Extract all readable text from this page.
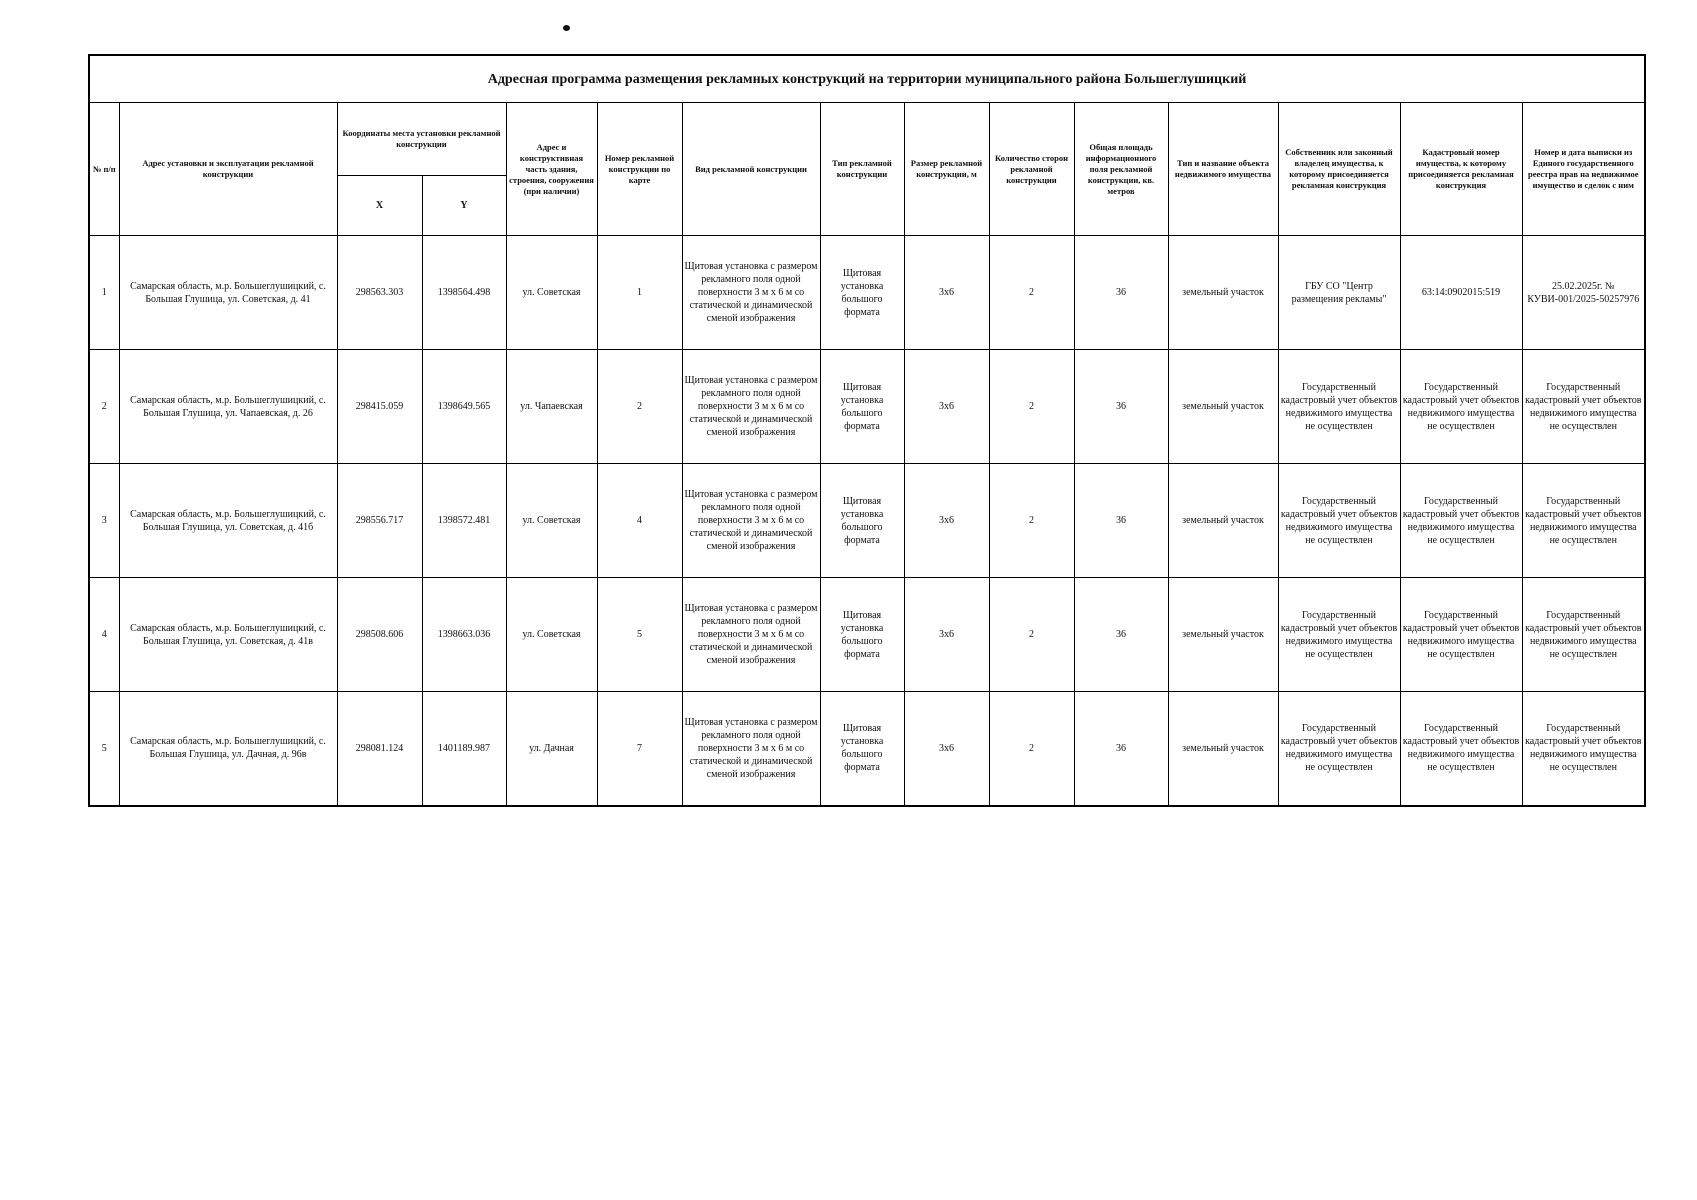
Адресная программа размещения рекламных конструкций на территории муниципального района Большеглушицкий														
№ п/п	Адрес установки и эксплуатации рекламной конструкции	Координаты места установки рекламной конструкции		Адрес и конструктивная часть здания, строения, сооружения (при наличии)	Номер рекламной конструкции по карте	Вид рекламной конструкции	Тип рекламной конструкции	Размер рекламной конструкции, м	Количество сторон рекламной конструкции	Общая площадь информационного поля рекламной конструкции, кв. метров	Тип и название объекта недвижимого имущества	Собственник или законный владелец имущества, к которому присоединяется рекламная конструкция	Кадастровый номер имущества, к которому присоединяется рекламная конструкция	Номер и дата выписки из Единого государственного реестра прав на недвижимое имущество и сделок с ним
		X	Y											
1	Самарская область, м.р. Большеглушицкий, с. Большая Глушица, ул. Советская, д. 41	298563.303	1398564.498	ул. Советская	1	Щитовая установка с размером рекламного поля одной поверхности 3 м х 6 м со статической и динамической сменой изображения	Щитовая установка большого формата	3х6	2	36	земельный участок	ГБУ СО "Центр размещения рекламы"	63:14:0902015:519	25.02.2025г. № КУВИ-001/2025-50257976
2	Самарская область, м.р. Большеглушицкий, с. Большая Глушица, ул. Чапаевская, д. 26	298415.059	1398649.565	ул. Чапаевская	2	Щитовая установка с размером рекламного поля одной поверхности 3 м х 6 м со статической и динамической сменой изображения	Щитовая установка большого формата	3х6	2	36	земельный участок	Государственный кадастровый учет объектов недвижимого имущества не осуществлен	Государственный кадастровый учет объектов недвижимого имущества не осуществлен	Государственный кадастровый учет объектов недвижимого имущества не осуществлен
3	Самарская область, м.р. Большеглушицкий, с. Большая Глушица, ул. Советская, д. 41б	298556.717	1398572.481	ул. Советская	4	Щитовая установка с размером рекламного поля одной поверхности 3 м х 6 м со статической и динамической сменой изображения	Щитовая установка большого формата	3х6	2	36	земельный участок	Государственный кадастровый учет объектов недвижимого имущества не осуществлен	Государственный кадастровый учет объектов недвижимого имущества не осуществлен	Государственный кадастровый учет объектов недвижимого имущества не осуществлен
4	Самарская область, м.р. Большеглушицкий, с. Большая Глушица, ул. Советская, д. 41в	298508.606	1398663.036	ул. Советская	5	Щитовая установка с размером рекламного поля одной поверхности 3 м х 6 м со статической и динамической сменой изображения	Щитовая установка большого формата	3х6	2	36	земельный участок	Государственный кадастровый учет объектов недвижимого имущества не осуществлен	Государственный кадастровый учет объектов недвижимого имущества не осуществлен	Государственный кадастровый учет объектов недвижимого имущества не осуществлен
5	Самарская область, м.р. Большеглушицкий, с. Большая Глушица, ул. Дачная, д. 96в	298081.124	1401189.987	ул. Дачная	7	Щитовая установка с размером рекламного поля одной поверхности 3 м х 6 м со статической и динамической сменой изображения	Щитовая установка большого формата	3х6	2	36	земельный участок	Государственный кадастровый учет объектов недвижимого имущества не осуществлен	Государственный кадастровый учет объектов недвижимого имущества не осуществлен	Государственный кадастровый учет объектов недвижимого имущества не осуществлен
